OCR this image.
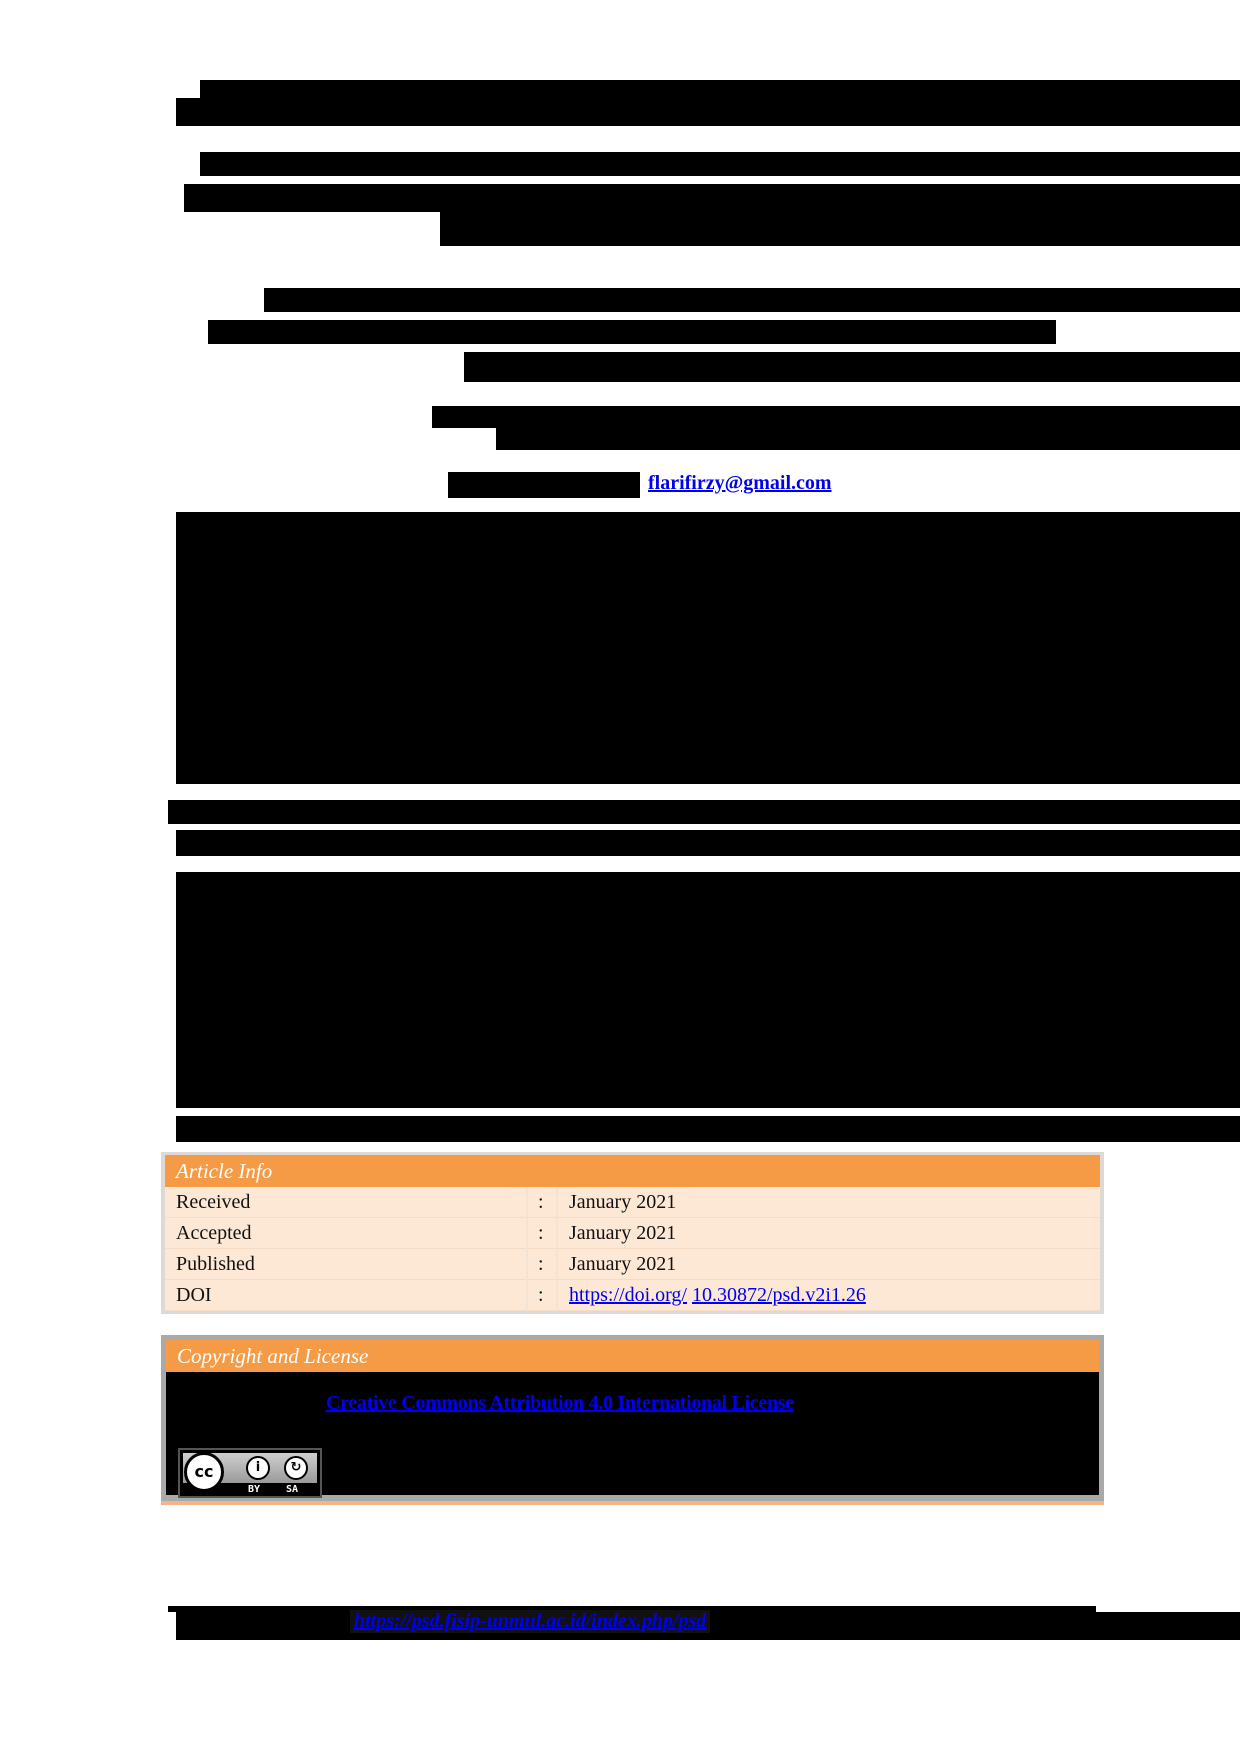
flarifirzy@gmail.com
Article Info
Received	:	January 2021
Accepted	:	January 2021
Published	:	January 2021
DOI	:	https://doi.org/ 10.30872/psd.v2i1.26
Copyright and License
Creative Commons Attribution 4.0 International License
cc	i	↻
BY	SA
https://psd.fisip-unmul.ac.id/index.php/psd
